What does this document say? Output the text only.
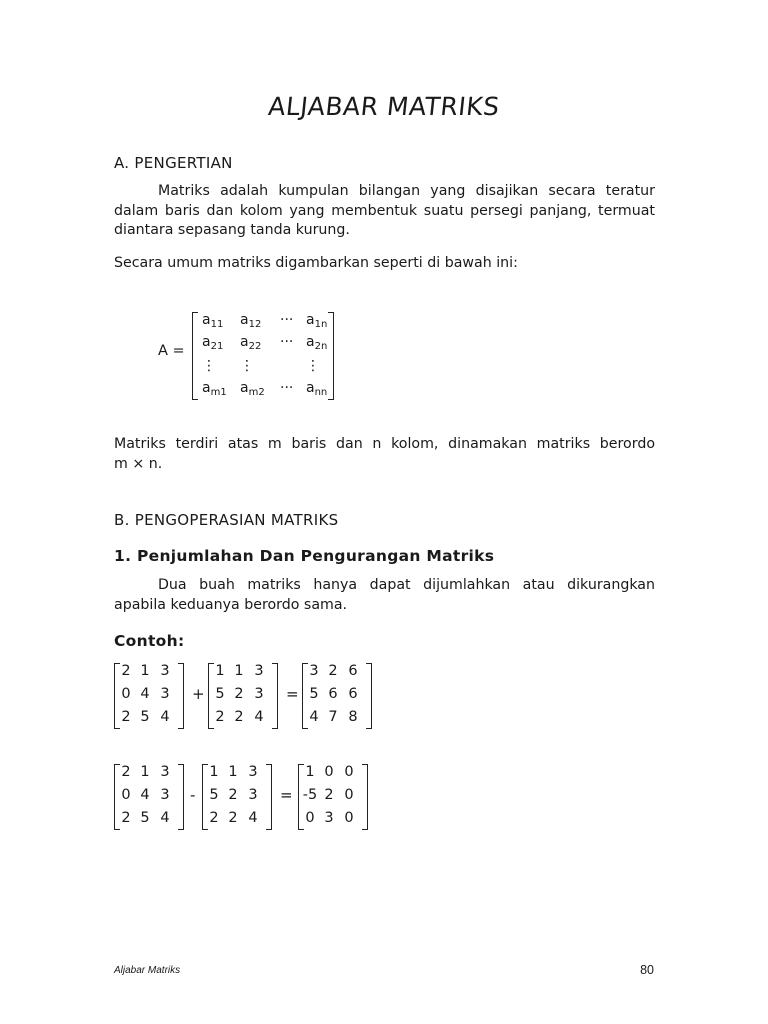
ALJABAR MATRIKS
A. PENGERTIAN
Matriks adalah kumpulan bilangan yang disajikan secara teratur dalam baris dan kolom yang membentuk suatu persegi panjang, termuat diantara sepasang tanda kurung.
Secara umum matriks digambarkan seperti di bawah ini:
A =
$a_{11}$ $a_{12}$ ··· $a_{1n}$
$a_{21}$ $a_{22}$ ··· $a_{2n}$
⋮ ⋮	⋮
$a_{m1}$ $a_{m2}$ ··· $a_{nn}$
Matriks terdiri atas m baris dan n kolom, dinamakan matriks berordo
m × n.
B. PENGOPERASIAN MATRIKS
1. Penjumlahan Dan Pengurangan Matriks
Dua buah matriks hanya dapat dijumlahkan atau dikurangkan apabila keduanya berordo sama.
Contoh:
2 1 3
0 4 3
2 5 4
+
1 1 3
5 2 3
2 2 4
=
3 2 6
5 6 6
4 7 8
2 1 3
0 4 3
2 5 4
-
1 1 3
5 2 3
2 2 4
=
1 0 0
-5 2 0
0 3 0
Aljabar Matriks	80
